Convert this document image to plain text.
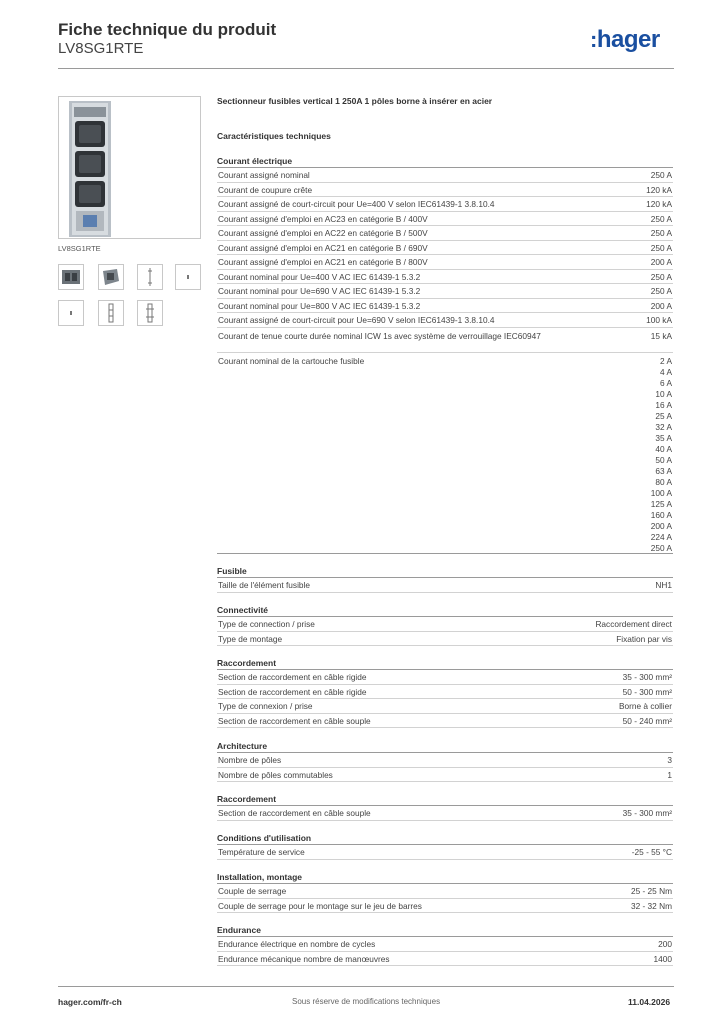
Fiche technique du produit
LV8SG1RTE	:hager
LV8SG1RTE
Sectionneur fusibles vertical 1 250A 1 pôles borne à insérer en acier
Caractéristiques techniques
Courant électrique
Courant assigné nominal	250 A
Courant de coupure crête	120 kA
Courant assigné de court-circuit pour Ue=400 V selon IEC61439-1 3.8.10.4	120 kA
Courant assigné d'emploi en AC23 en catégorie B / 400V	250 A
Courant assigné d'emploi en AC22 en catégorie B / 500V	250 A
Courant assigné d'emploi en AC21 en catégorie B / 690V	250 A
Courant assigné d'emploi en AC21 en catégorie B / 800V	200 A
Courant nominal pour Ue=400 V AC IEC 61439-1 5.3.2	250 A
Courant nominal pour Ue=690 V AC IEC 61439-1 5.3.2	250 A
Courant nominal pour Ue=800 V AC IEC 61439-1 5.3.2	200 A
Courant assigné de court-circuit pour Ue=690 V selon IEC61439-1 3.8.10.4	100 kA
Courant de tenue courte durée nominal ICW 1s avec système de verrouillage IEC60947	15 kA
Courant nominal de la cartouche fusible	2 A
4 A
6 A
10 A
16 A
25 A
32 A
35 A
40 A
50 A
63 A
80 A
100 A
125 A
160 A
200 A
224 A
250 A
Fusible
Taille de l'élément fusible	NH1
Connectivité
Type de connection / prise	Raccordement direct
Type de montage	Fixation par vis
Raccordement
Section de raccordement en câble rigide	35 - 300 mm²
Section de raccordement en câble rigide	50 - 300 mm²
Type de connexion / prise	Borne à collier
Section de raccordement en câble souple	50 - 240 mm²
Architecture
Nombre de pôles	3
Nombre de pôles commutables	1
Raccordement
Section de raccordement en câble souple	35 - 300 mm²
Conditions d'utilisation
Température de service	-25 - 55 °C
Installation, montage
Couple de serrage	25 - 25 Nm
Couple de serrage pour le montage sur le jeu de barres	32 - 32 Nm
Endurance
Endurance électrique en nombre de cycles	200
Endurance mécanique nombre de manœuvres	1400
hager.com/fr-ch	Sous réserve de modifications techniques	11.04.2026
